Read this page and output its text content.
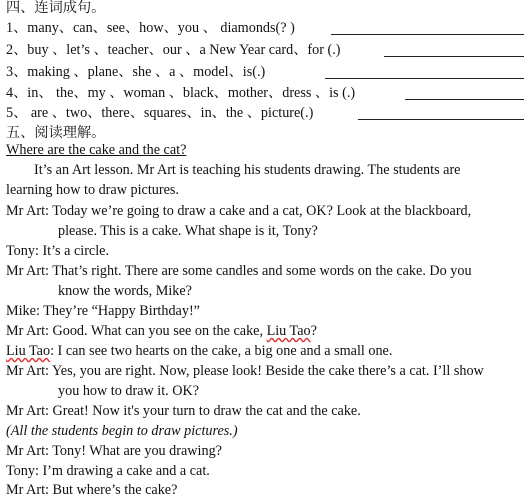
四、连词成句。
1、many、can、see、how、you 、 diamonds(? )
2、buy 、let’s 、teacher、our 、a New Year card、for (.)
3、making 、plane、she 、a 、model、is(.)
4、in、 the、my 、woman 、black、mother、dress 、is (.)
5、 are 、two、there、squares、in、the 、picture(.)
五、阅读理解。
Where are the cake and the cat?
It’s an Art lesson. Mr Art is teaching his students drawing. The students are
learning how to draw pictures.
Mr Art: Today we’re going to draw a cake and a cat, OK? Look at the blackboard,
please. This is a cake. What shape is it, Tony?
Tony: It’s a circle.
Mr Art: That’s right. There are some candles and some words on the cake. Do you
know the words, Mike?
Mike: They’re “Happy Birthday!”
Mr Art: Good. What can you see on the cake, Liu Tao?
Liu Tao: I can see two hearts on the cake, a big one and a small one.
Mr Art: Yes, you are right. Now, please look! Beside the cake there’s a cat. I’ll show
you how to draw it. OK?
Mr Art: Great! Now it's your turn to draw the cat and the cake.
(All the students begin to draw pictures.)
Mr Art: Tony! What are you drawing?
Tony: I’m drawing a cake and a cat.
Mr Art: But where’s the cake?
